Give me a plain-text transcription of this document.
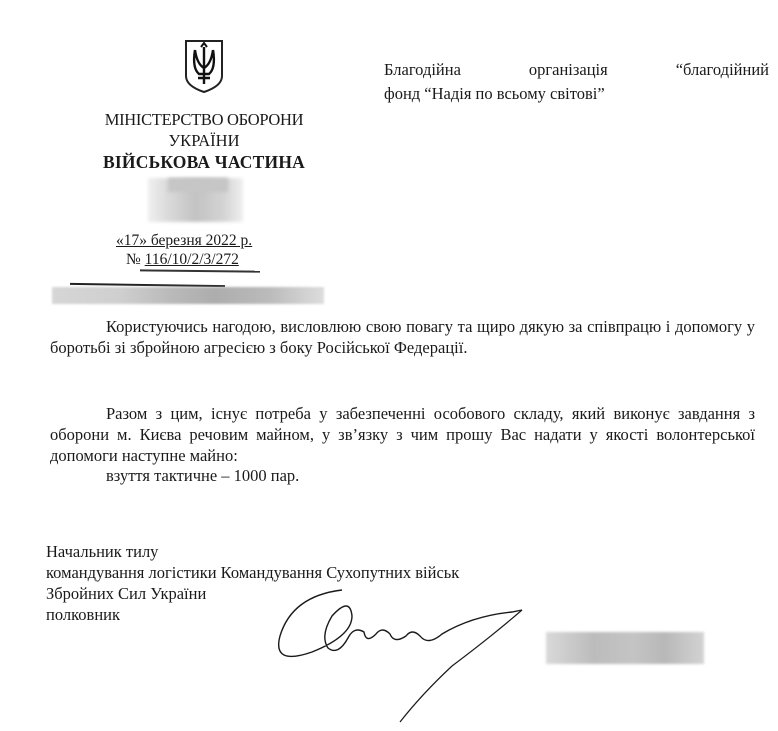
МІНІСТЕРСТВО ОБОРОНИ
УКРАЇНИ
ВІЙСЬКОВА ЧАСТИНА
«17» березня 2022 р.
№ 116/10/2/3/272
Благодійна	організація	“благодійний
фонд “Надія по всьому світові”
Користуючись нагодою, висловлюю свою повагу та щиро дякую за співпрацю і допомогу у боротьбі зі збройною агресією з боку Російської Федерації.
Разом з цим, існує потреба у забезпеченні особового складу, який виконує завдання з оборони м. Києва речовим майном, у зв’язку з чим прошу Вас надати у якості волонтерської допомоги наступне майно:
взуття тактичне – 1000 пар.
Начальник тилу
командування логістики Командування Сухопутних військ
Збройних Сил України
полковник
